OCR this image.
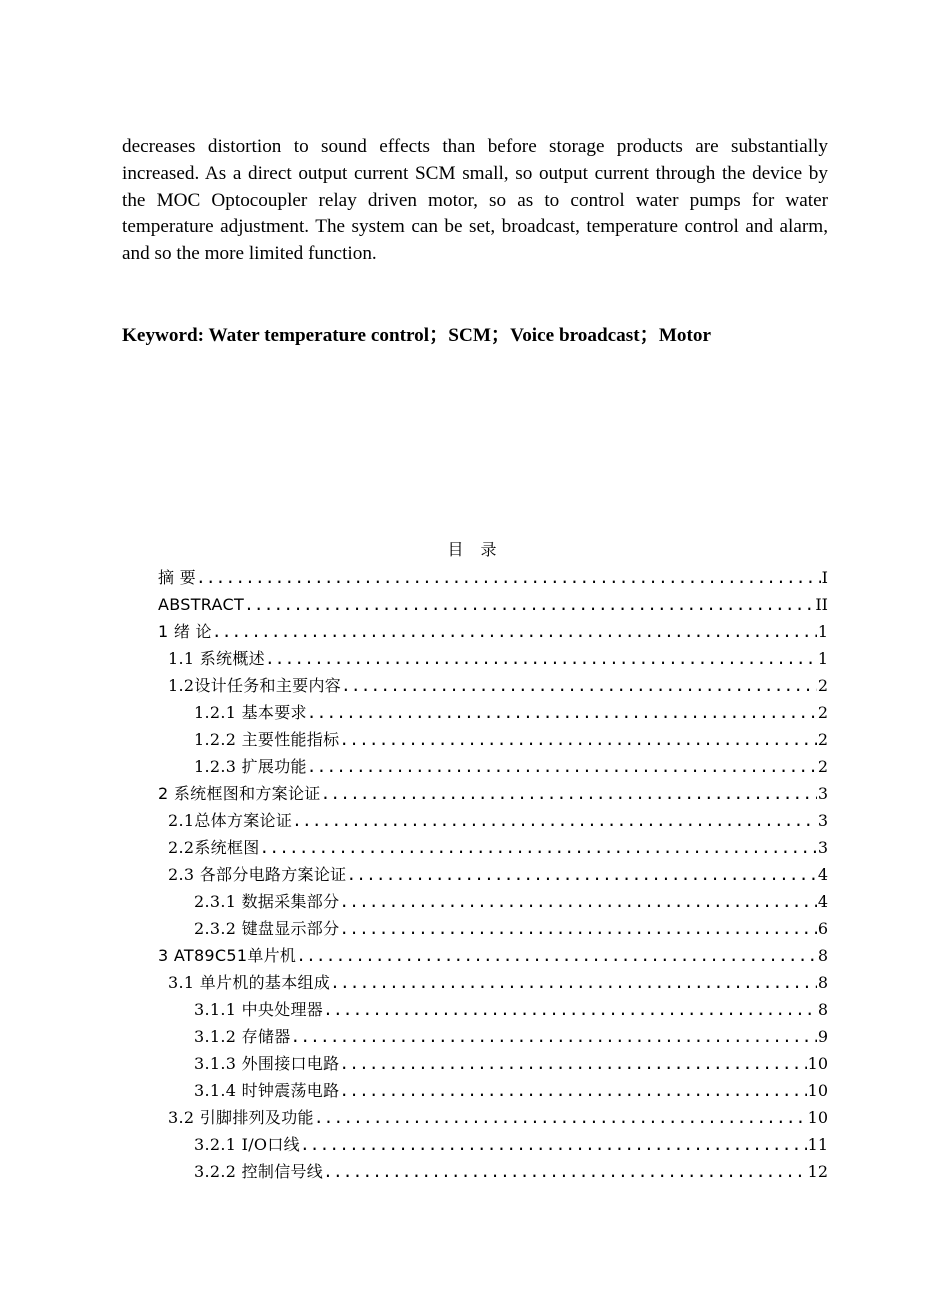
decreases distortion to sound effects than before storage products are substantially increased. As a direct output current SCM small, so output current through the device by the MOC Optocoupler relay driven motor, so as to control water pumps for water temperature adjustment. The system can be set, broadcast, temperature control and alarm, and so the more limited function.

Keyword: Water temperature control；SCM；Voice broadcast；Motor
目 录
摘 要 .....	I
ABSTRACT .....	II
1 绪 论 .....	1
1.1 系统概述 .....	1
1.2设计任务和主要内容 .....	2
1.2.1 基本要求 .....	2
1.2.2 主要性能指标 .....	2
1.2.3 扩展功能 .....	2
2 系统框图和方案论证 .....	3
2.1总体方案论证 .....	3
2.2系统框图 .....	3
2.3 各部分电路方案论证 .....	4
2.3.1 数据采集部分 .....	4
2.3.2 键盘显示部分 .....	6
3 AT89C51单片机 .....	8
3.1 单片机的基本组成 .....	8
3.1.1 中央处理器 .....	8
3.1.2 存储器 .....	9
3.1.3 外围接口电路 .....	10
3.1.4 时钟震荡电路 .....	10
3.2 引脚排列及功能 .....	10
3.2.1 I/O口线 .....	11
3.2.2 控制信号线 .....	12
